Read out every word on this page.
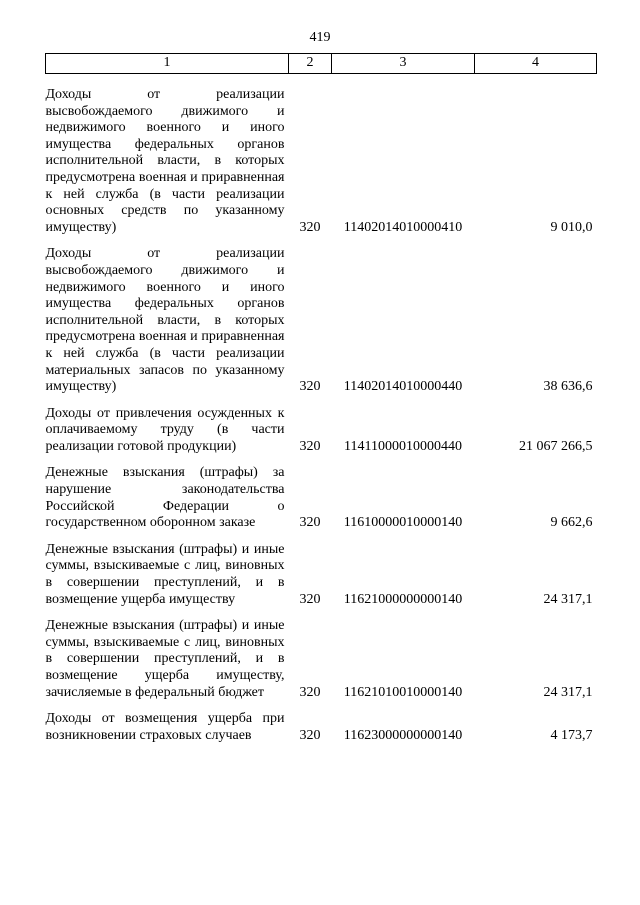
419
1	2	3	4
Доходы от реализации высвобождаемого движимого и недвижимого военного и иного имущества федеральных органов исполнительной власти, в которых предусмотрена военная и приравненная к ней служба (в части реализации основных средств по указанному имуществу)	320	11402014010000410	9 010,0
Доходы от реализации высвобождаемого движимого и недвижимого военного и иного имущества федеральных органов исполнительной власти, в которых предусмотрена военная и приравненная к ней служба (в части реализации материальных запасов по указанному имуществу)	320	11402014010000440	38 636,6
Доходы от привлечения осужденных к оплачиваемому труду (в части реализации готовой продукции)	320	11411000010000440	21 067 266,5
Денежные взыскания (штрафы) за нарушение законодательства Российской Федерации о государственном оборонном заказе	320	11610000010000140	9 662,6
Денежные взыскания (штрафы) и иные суммы, взыскиваемые с лиц, виновных в совершении преступлений, и в возмещение ущерба имуществу	320	11621000000000140	24 317,1
Денежные взыскания (штрафы) и иные суммы, взыскиваемые с лиц, виновных в совершении преступлений, и в возмещение ущерба имуществу, зачисляемые в федеральный бюджет	320	11621010010000140	24 317,1
Доходы от возмещения ущерба при возникновении страховых случаев	320	11623000000000140	4 173,7
